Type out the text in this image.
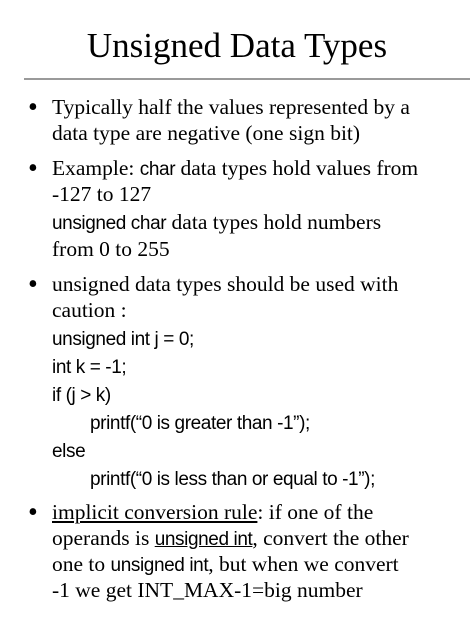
Unsigned Data Types
• Typically half the values represented by a
data type are negative (one sign bit)
• Example: char data types hold values from
-127 to 127
unsigned char data types hold numbers
from 0 to 255
• unsigned data types should be used with
caution :
unsigned int j = 0;
int k = -1;
if (j > k)
printf(“0 is greater than -1”);
else
printf(“0 is less than or equal to -1”);
• implicit conversion rule: if one of the
operands is unsigned int, convert the other
one to unsigned int, but when we convert
-1 we get INT_MAX-1=big number
